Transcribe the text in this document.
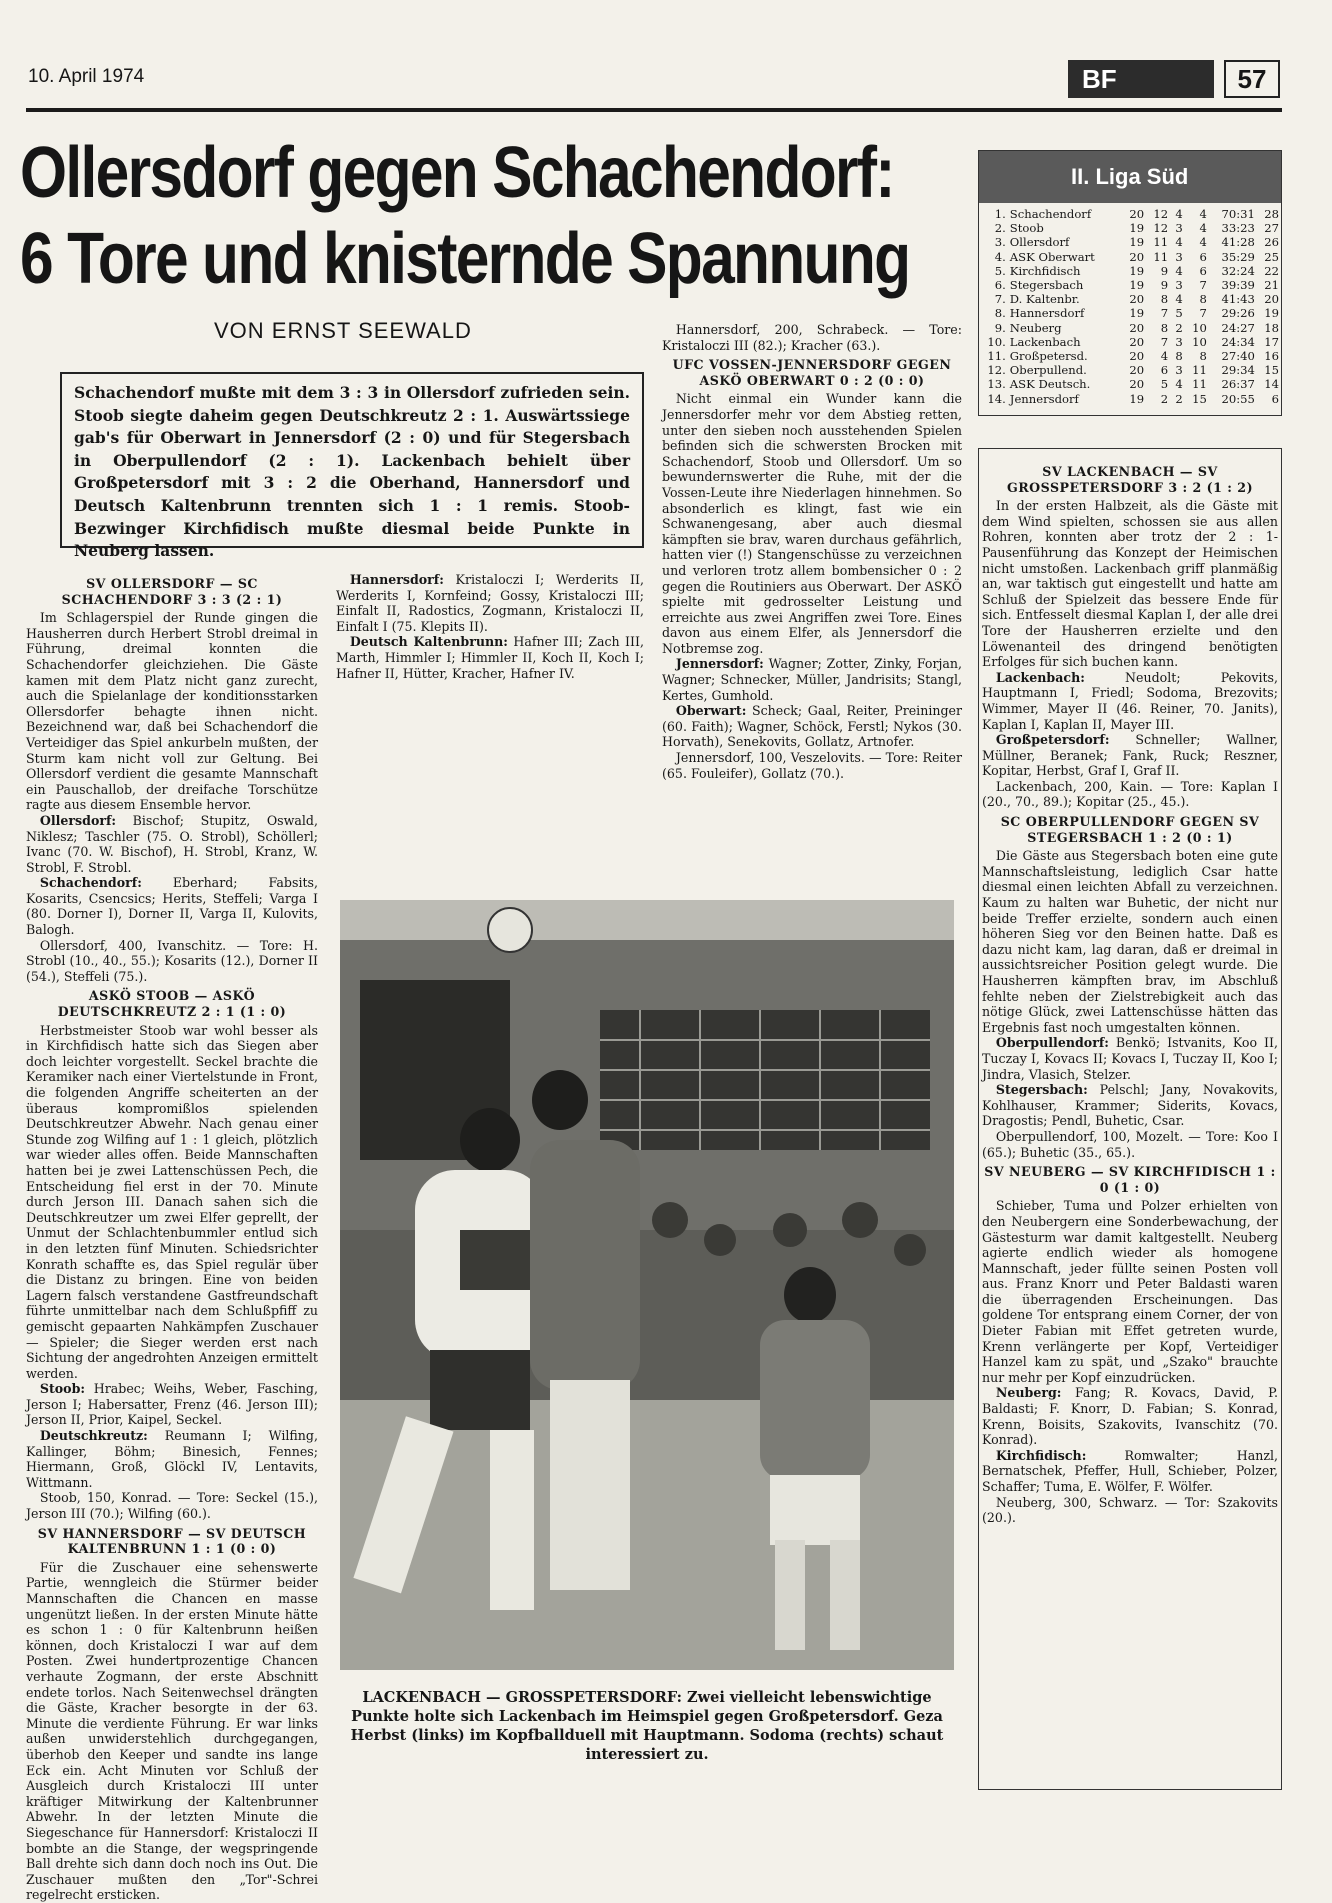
10. April 1974	BF	57
Ollersdorf gegen Schachendorf:
6 Tore und knisternde Spannung
VON ERNST SEEWALD
Schachendorf mußte mit dem 3 : 3 in Ollersdorf zufrieden sein. Stoob siegte daheim gegen Deutschkreutz 2 : 1. Auswärtssiege gab's für Oberwart in Jennersdorf (2 : 0) und für Stegersbach in Oberpullendorf (2 : 1). Lackenbach behielt über Großpetersdorf mit 3 : 2 die Oberhand, Hannersdorf und Deutsch Kaltenbrunn trennten sich 1 : 1 remis. Stoob-Bezwinger Kirchfidisch mußte diesmal beide Punkte in Neuberg lassen.
SV OLLERSDORF — SC SCHACHENDORF 3 : 3 (2 : 1)

Im Schlagerspiel der Runde gingen die Hausherren durch Herbert Strobl dreimal in Führung, dreimal konnten die Schachendorfer gleichziehen. Die Gäste kamen mit dem Platz nicht ganz zurecht, auch die Spielanlage der konditionsstarken Ollersdorfer behagte ihnen nicht. Bezeichnend war, daß bei Schachendorf die Verteidiger das Spiel ankurbeln mußten, der Sturm kam nicht voll zur Geltung. Bei Ollersdorf verdient die gesamte Mannschaft ein Pauschallob, der dreifache Torschütze ragte aus diesem Ensemble hervor.

Ollersdorf: Bischof; Stupitz, Oswald, Niklesz; Taschler (75. O. Strobl), Schöllerl; Ivanc (70. W. Bischof), H. Strobl, Kranz, W. Strobl, F. Strobl.

Schachendorf: Eberhard; Fabsits, Kosarits, Csencsics; Herits, Steffeli; Varga I (80. Dorner I), Dorner II, Varga II, Kulovits, Balogh.

Ollersdorf, 400, Ivanschitz. — Tore: H. Strobl (10., 40., 55.); Kosarits (12.), Dorner II (54.), Steffeli (75.).

ASKÖ STOOB — ASKÖ DEUTSCHKREUTZ 2 : 1 (1 : 0)

Herbstmeister Stoob war wohl besser als in Kirchfidisch hatte sich das Siegen aber doch leichter vorgestellt. Seckel brachte die Keramiker nach einer Viertelstunde in Front, die folgenden Angriffe scheiterten an der überaus kompromißlos spielenden Deutschkreutzer Abwehr. Nach genau einer Stunde zog Wilfing auf 1 : 1 gleich, plötzlich war wieder alles offen. Beide Mannschaften hatten bei je zwei Lattenschüssen Pech, die Entscheidung fiel erst in der 70. Minute durch Jerson III. Danach sahen sich die Deutschkreutzer um zwei Elfer geprellt, der Unmut der Schlachtenbummler entlud sich in den letzten fünf Minuten. Schiedsrichter Konrath schaffte es, das Spiel regulär über die Distanz zu bringen. Eine von beiden Lagern falsch verstandene Gastfreundschaft führte unmittelbar nach dem Schlußpfiff zu gemischt gepaarten Nahkämpfen Zuschauer — Spieler; die Sieger werden erst nach Sichtung der angedrohten Anzeigen ermittelt werden.

Stoob: Hrabec; Weihs, Weber, Fasching, Jerson I; Habersatter, Frenz (46. Jerson III); Jerson II, Prior, Kaipel, Seckel.

Deutschkreutz: Reumann I; Wilfing, Kallinger, Böhm; Binesich, Fennes; Hiermann, Groß, Glöckl IV, Lentavits, Wittmann.

Stoob, 150, Konrad. — Tore: Seckel (15.), Jerson III (70.); Wilfing (60.).

SV HANNERSDORF — SV DEUTSCH KALTENBRUNN 1 : 1 (0 : 0)

Für die Zuschauer eine sehenswerte Partie, wenngleich die Stürmer beider Mannschaften die Chancen en masse ungenützt ließen. In der ersten Minute hätte es schon 1 : 0 für Kaltenbrunn heißen können, doch Kristaloczi I war auf dem Posten. Zwei hundertprozentige Chancen verhaute Zogmann, der erste Abschnitt endete torlos. Nach Seitenwechsel drängten die Gäste, Kracher besorgte in der 63. Minute die verdiente Führung. Er war links außen unwiderstehlich durchgegangen, überhob den Keeper und sandte ins lange Eck ein. Acht Minuten vor Schluß der Ausgleich durch Kristaloczi III unter kräftiger Mitwirkung der Kaltenbrunner Abwehr. In der letzten Minute die Siegeschance für Hannersdorf: Kristaloczi II bombte an die Stange, der wegspringende Ball drehte sich dann doch noch ins Out. Die Zuschauer mußten den „Tor"-Schrei regelrecht ersticken.

Hannersdorf: Kristaloczi I; Werderits II, Werderits I, Kornfeind; Gossy, Kristaloczi III; Einfalt II, Radostics, Zogmann, Kristaloczi II, Einfalt I (75. Klepits II).

Deutsch Kaltenbrunn: Hafner III; Zach III, Marth, Himmler I; Himmler II, Koch II, Koch I; Hafner II, Hütter, Kracher, Hafner IV.

Hannersdorf, 200, Schrabeck. — Tore: Kristaloczi III (82.); Kracher (63.).

UFC VOSSEN-JENNERSDORF GEGEN ASKÖ OBERWART 0 : 2 (0 : 0)

Nicht einmal ein Wunder kann die Jennersdorfer mehr vor dem Abstieg retten, unter den sieben noch ausstehenden Spielen befinden sich die schwersten Brocken mit Schachendorf, Stoob und Ollersdorf. Um so bewundernswerter die Ruhe, mit der die Vossen-Leute ihre Niederlagen hinnehmen. So absonderlich es klingt, fast wie ein Schwanengesang, aber auch diesmal kämpften sie brav, waren durchaus gefährlich, hatten vier (!) Stangenschüsse zu verzeichnen und verloren trotz allem bombensicher 0 : 2 gegen die Routiniers aus Oberwart. Der ASKÖ spielte mit gedrosselter Leistung und erreichte aus zwei Angriffen zwei Tore. Eines davon aus einem Elfer, als Jennersdorf die Notbremse zog.

Jennersdorf: Wagner; Zotter, Zinky, Forjan, Wagner; Schnecker, Müller, Jandrisits; Stangl, Kertes, Gumhold.

Oberwart: Scheck; Gaal, Reiter, Preininger (60. Faith); Wagner, Schöck, Ferstl; Nykos (30. Horvath), Senekovits, Gollatz, Artnofer.

Jennersdorf, 100, Veszelovits. — Tore: Reiter (65. Fouleifer), Gollatz (70.).

LACKENBACH — GROSSPETERSDORF: Zwei vielleicht lebenswichtige Punkte holte sich Lackenbach im Heimspiel gegen Großpetersdorf. Geza Herbst (links) im Kopfballduell mit Hauptmann. Sodoma (rechts) schaut interessiert zu.
II. Liga Süd
1.	Schachendorf	20	12	4	4	70:31	28
2.	Stoob	19	12	3	4	33:23	27
3.	Ollersdorf	19	11	4	4	41:28	26
4.	ASK Oberwart	20	11	3	6	35:29	25
5.	Kirchfidisch	19	9	4	6	32:24	22
6.	Stegersbach	19	9	3	7	39:39	21
7.	D. Kaltenbr.	20	8	4	8	41:43	20
8.	Hannersdorf	19	7	5	7	29:26	19
9.	Neuberg	20	8	2	10	24:27	18
10.	Lackenbach	20	7	3	10	24:34	17
11.	Großpetersd.	20	4	8	8	27:40	16
12.	Oberpullend.	20	6	3	11	29:34	15
13.	ASK Deutsch.	20	5	4	11	26:37	14
14.	Jennersdorf	19	2	2	15	20:55	6
SV LACKENBACH — SV GROSSPETERSDORF 3 : 2 (1 : 2)

In der ersten Halbzeit, als die Gäste mit dem Wind spielten, schossen sie aus allen Rohren, konnten aber trotz der 2 : 1-Pausenführung das Konzept der Heimischen nicht umstoßen. Lackenbach griff planmäßig an, war taktisch gut eingestellt und hatte am Schluß der Spielzeit das bessere Ende für sich. Entfesselt diesmal Kaplan I, der alle drei Tore der Hausherren erzielte und den Löwenanteil des dringend benötigten Erfolges für sich buchen kann.

Lackenbach: Neudolt; Pekovits, Hauptmann I, Friedl; Sodoma, Brezovits; Wimmer, Mayer II (46. Reiner, 70. Janits), Kaplan I, Kaplan II, Mayer III.

Großpetersdorf: Schneller; Wallner, Müllner, Beranek; Fank, Ruck; Reszner, Kopitar, Herbst, Graf I, Graf II.

Lackenbach, 200, Kain. — Tore: Kaplan I (20., 70., 89.); Kopitar (25., 45.).

SC OBERPULLENDORF GEGEN SV STEGERSBACH 1 : 2 (0 : 1)

Die Gäste aus Stegersbach boten eine gute Mannschaftsleistung, lediglich Csar hatte diesmal einen leichten Abfall zu verzeichnen. Kaum zu halten war Buhetic, der nicht nur beide Treffer erzielte, sondern auch einen höheren Sieg vor den Beinen hatte. Daß es dazu nicht kam, lag daran, daß er dreimal in aussichtsreicher Position gelegt wurde. Die Hausherren kämpften brav, im Abschluß fehlte neben der Zielstrebigkeit auch das nötige Glück, zwei Lattenschüsse hätten das Ergebnis fast noch umgestalten können.

Oberpullendorf: Benkö; Istvanits, Koo II, Tuczay I, Kovacs II; Kovacs I, Tuczay II, Koo I; Jindra, Vlasich, Stelzer.

Stegersbach: Pelschl; Jany, Novakovits, Kohlhauser, Krammer; Siderits, Kovacs, Dragostis; Pendl, Buhetic, Csar.

Oberpullendorf, 100, Mozelt. — Tore: Koo I (65.); Buhetic (35., 65.).

SV NEUBERG — SV KIRCHFIDISCH 1 : 0 (1 : 0)

Schieber, Tuma und Polzer erhielten von den Neubergern eine Sonderbewachung, der Gästesturm war damit kaltgestellt. Neuberg agierte endlich wieder als homogene Mannschaft, jeder füllte seinen Posten voll aus. Franz Knorr und Peter Baldasti waren die überragenden Erscheinungen. Das goldene Tor entsprang einem Corner, der von Dieter Fabian mit Effet getreten wurde, Krenn verlängerte per Kopf, Verteidiger Hanzel kam zu spät, und „Szako" brauchte nur mehr per Kopf einzudrücken.

Neuberg: Fang; R. Kovacs, David, P. Baldasti; F. Knorr, D. Fabian; S. Konrad, Krenn, Boisits, Szakovits, Ivanschitz (70. Konrad).

Kirchfidisch: Romwalter; Hanzl, Bernatschek, Pfeffer, Hull, Schieber, Polzer, Schaffer; Tuma, E. Wölfer, F. Wölfer.

Neuberg, 300, Schwarz. — Tor: Szakovits (20.).
